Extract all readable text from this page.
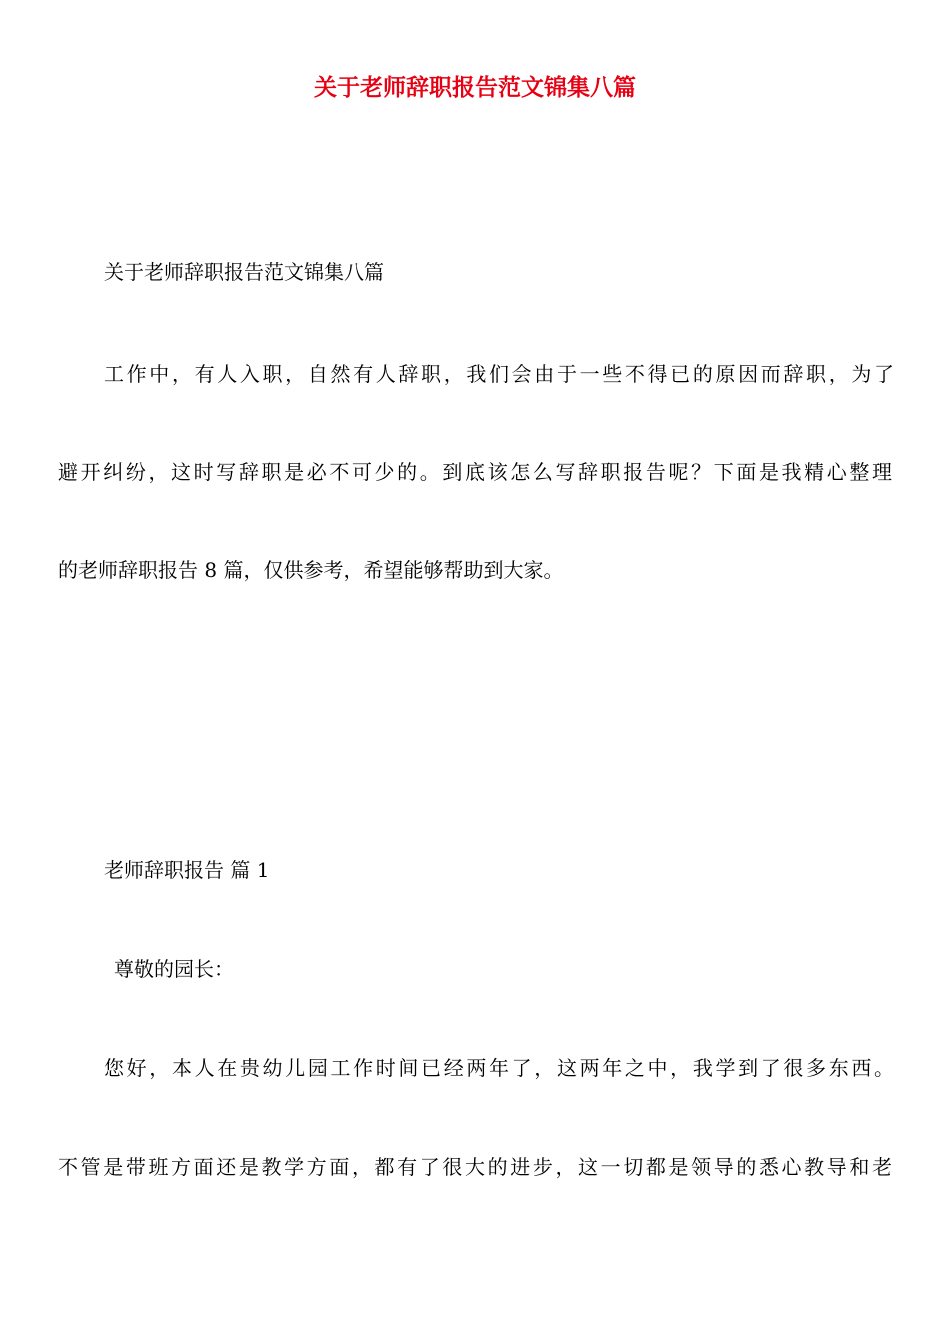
关于老师辞职报告范文锦集八篇

关于老师辞职报告范文锦集八篇

工作中，有人入职，自然有人辞职，我们会由于一些不得已的原因而辞职，为了

避开纠纷，这时写辞职是必不可少的。到底该怎么写辞职报告呢？下面是我精心整理

的老师辞职报告 8 篇，仅供参考，希望能够帮助到大家。

老师辞职报告 篇 1

尊敬的园长：

您好，本人在贵幼儿园工作时间已经两年了，这两年之中，我学到了很多东西。

不管是带班方面还是教学方面，都有了很大的进步，这一切都是领导的悉心教导和老
